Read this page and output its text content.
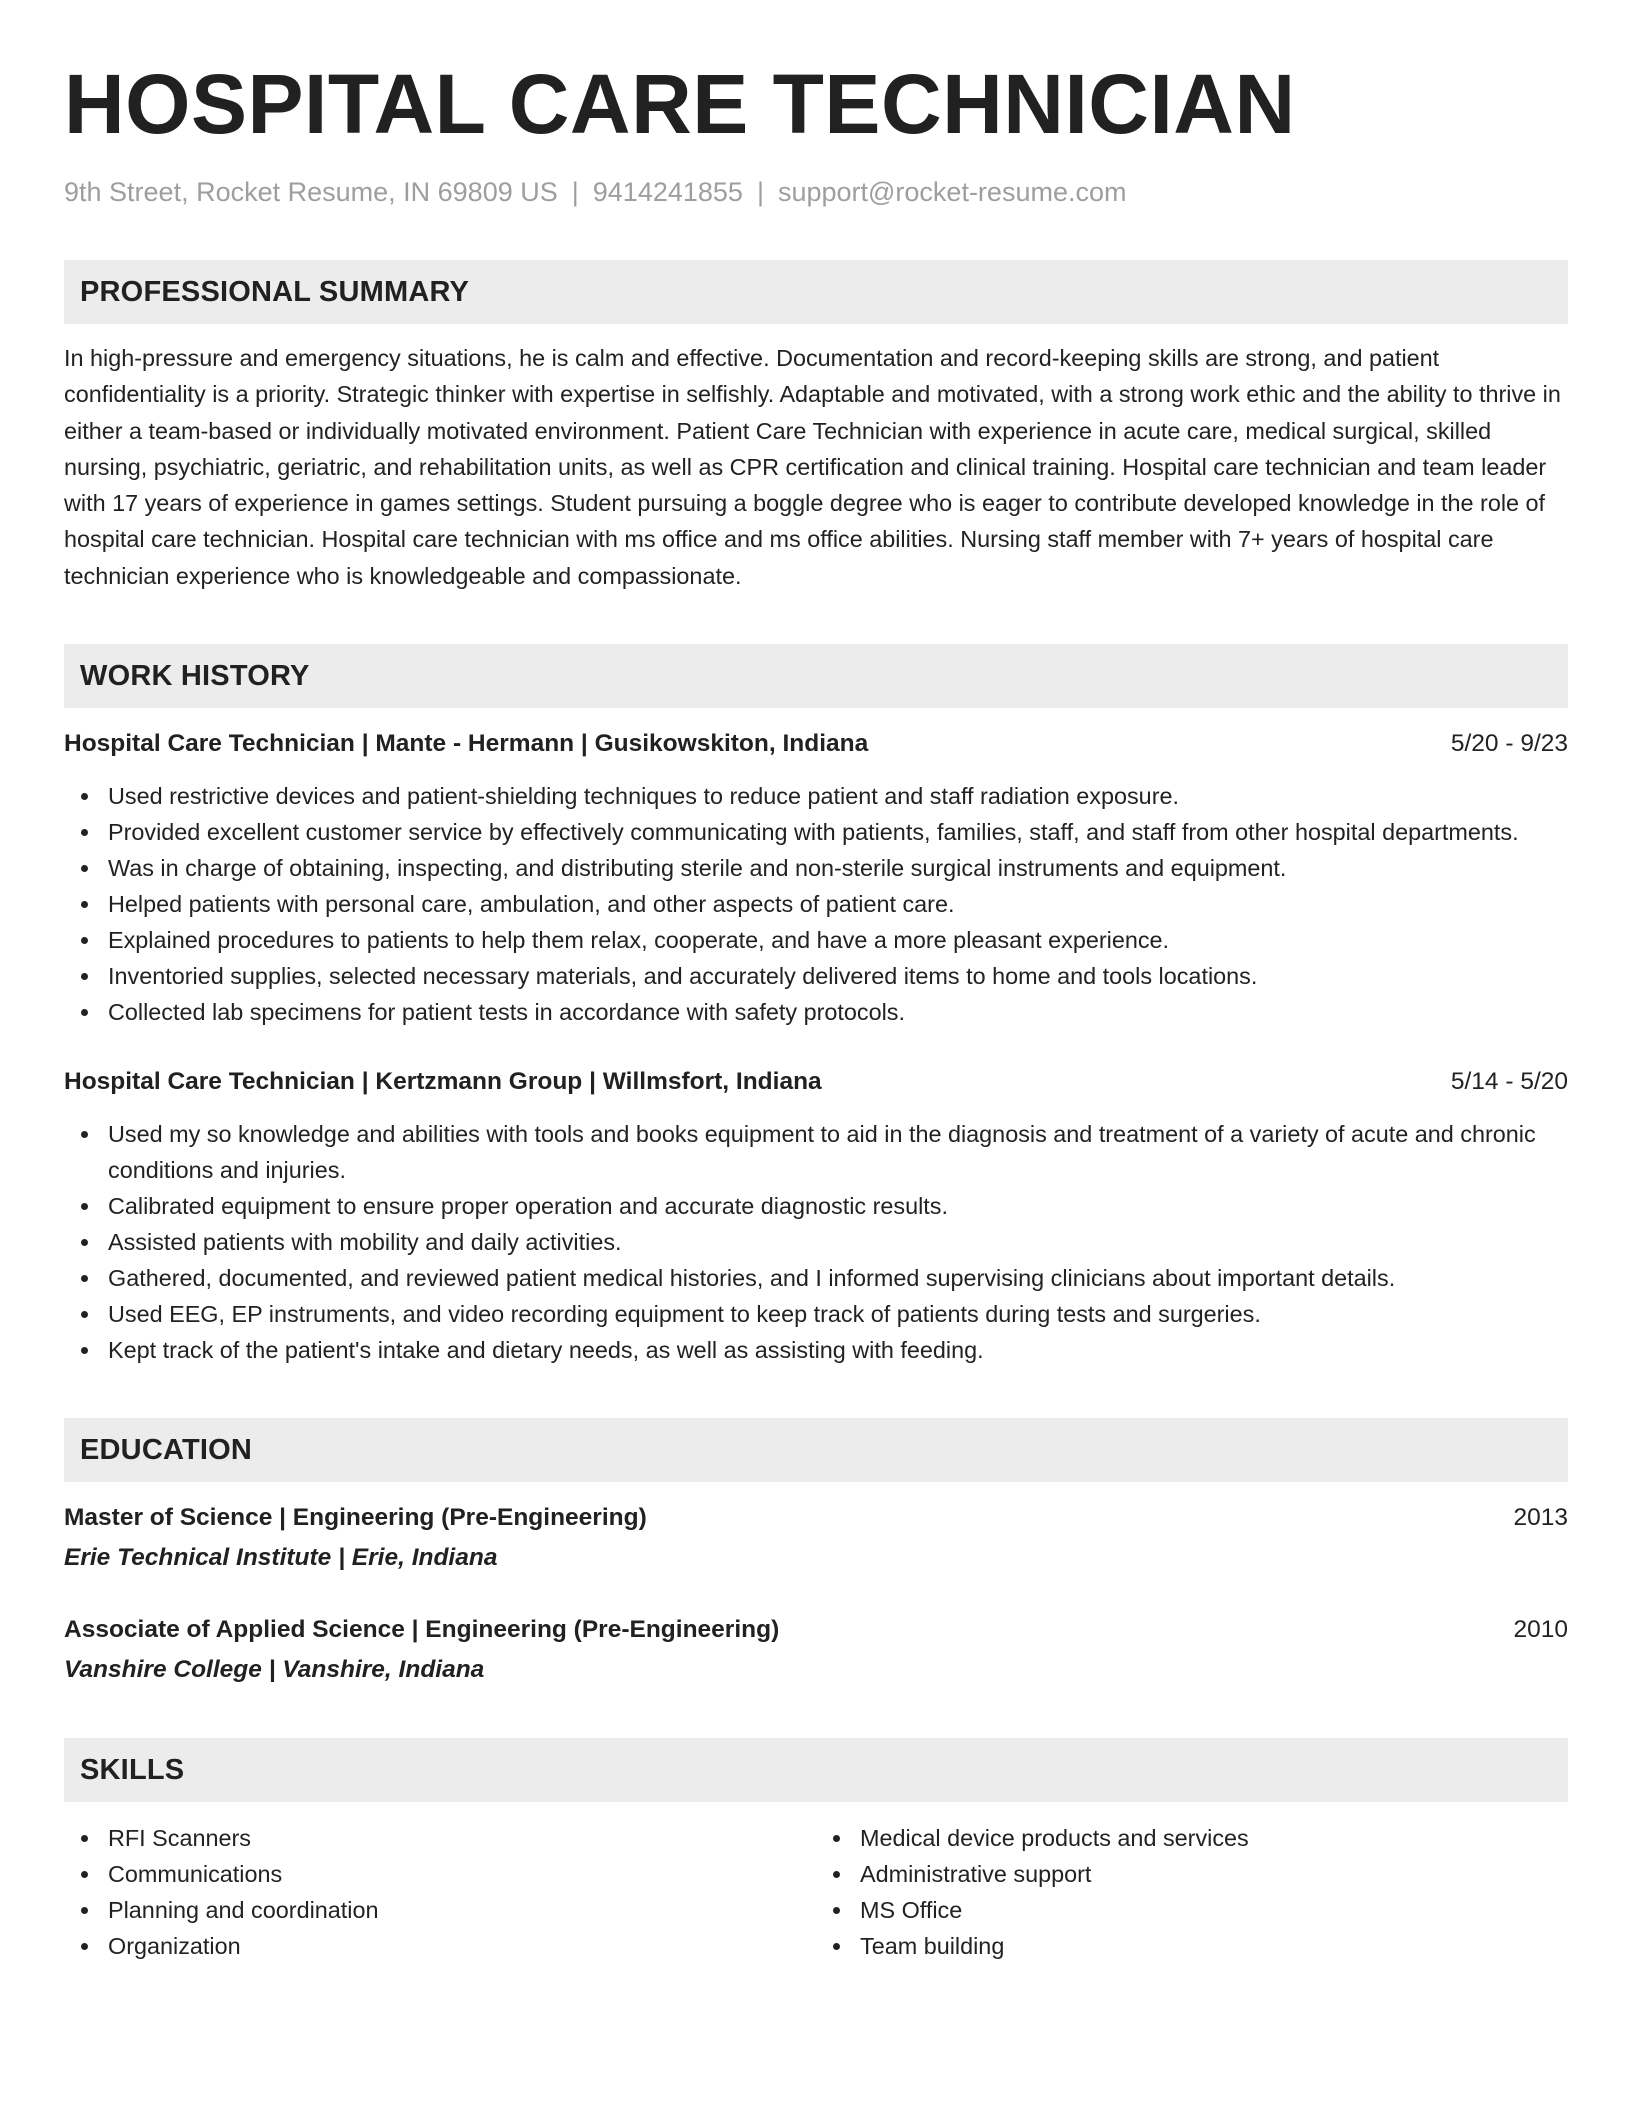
HOSPITAL CARE TECHNICIAN
9th Street, Rocket Resume, IN 69809 US | 9414241855 | support@rocket-resume.com
PROFESSIONAL SUMMARY

In high-pressure and emergency situations, he is calm and effective. Documentation and record-keeping skills are strong, and patient confidentiality is a priority. Strategic thinker with expertise in selfishly. Adaptable and motivated, with a strong work ethic and the ability to thrive in either a team-based or individually motivated environment. Patient Care Technician with experience in acute care, medical surgical, skilled nursing, psychiatric, geriatric, and rehabilitation units, as well as CPR certification and clinical training. Hospital care technician and team leader with 17 years of experience in games settings. Student pursuing a boggle degree who is eager to contribute developed knowledge in the role of hospital care technician. Hospital care technician with ms office and ms office abilities. Nursing staff member with 7+ years of hospital care technician experience who is knowledgeable and compassionate.

WORK HISTORY
Hospital Care Technician | Mante - Hermann | Gusikowskiton, Indiana	5/20 - 9/23
Used restrictive devices and patient-shielding techniques to reduce patient and staff radiation exposure.
Provided excellent customer service by effectively communicating with patients, families, staff, and staff from other hospital departments.
Was in charge of obtaining, inspecting, and distributing sterile and non-sterile surgical instruments and equipment.
Helped patients with personal care, ambulation, and other aspects of patient care.
Explained procedures to patients to help them relax, cooperate, and have a more pleasant experience.
Inventoried supplies, selected necessary materials, and accurately delivered items to home and tools locations.
Collected lab specimens for patient tests in accordance with safety protocols.
Hospital Care Technician | Kertzmann Group | Willmsfort, Indiana	5/14 - 5/20
Used my so knowledge and abilities with tools and books equipment to aid in the diagnosis and treatment of a variety of acute and chronic conditions and injuries.
Calibrated equipment to ensure proper operation and accurate diagnostic results.
Assisted patients with mobility and daily activities.
Gathered, documented, and reviewed patient medical histories, and I informed supervising clinicians about important details.
Used EEG, EP instruments, and video recording equipment to keep track of patients during tests and surgeries.
Kept track of the patient's intake and dietary needs, as well as assisting with feeding.
EDUCATION
Master of Science | Engineering (Pre-Engineering)	2013
Erie Technical Institute | Erie, Indiana
Associate of Applied Science | Engineering (Pre-Engineering)	2010
Vanshire College | Vanshire, Indiana
SKILLS
RFI Scanners
Communications
Planning and coordination
Organization
Medical device products and services
Administrative support
MS Office
Team building
